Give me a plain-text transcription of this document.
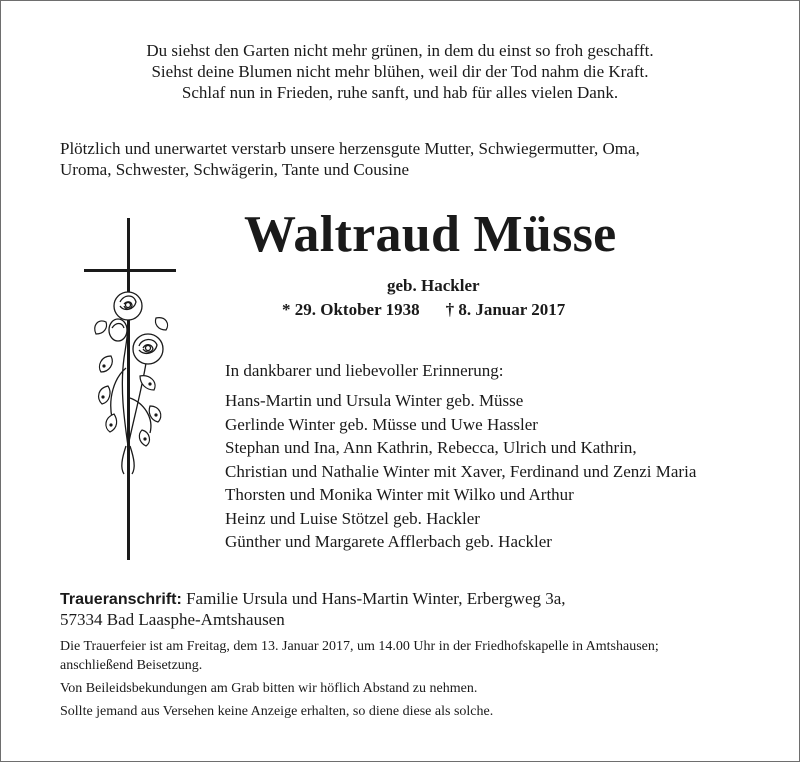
Du siehst den Garten nicht mehr grünen, in dem du einst so froh geschafft.
Siehst deine Blumen nicht mehr blühen, weil dir der Tod nahm die Kraft.
Schlaf nun in Frieden, ruhe sanft, und hab für alles vielen Dank.
Plötzlich und unerwartet verstarb unsere herzensgute Mutter, Schwiegermutter, Oma,
Uroma, Schwester, Schwägerin, Tante und Cousine
Waltraud Müsse
geb. Hackler
* 29. Oktober 1938 † 8. Januar 2017
In dankbarer und liebevoller Erinnerung:
Hans-Martin und Ursula Winter geb. Müsse
Gerlinde Winter geb. Müsse und Uwe Hassler
Stephan und Ina, Ann Kathrin, Rebecca, Ulrich und Kathrin,
Christian und Nathalie Winter mit Xaver, Ferdinand und Zenzi Maria
Thorsten und Monika Winter mit Wilko und Arthur
Heinz und Luise Stötzel geb. Hackler
Günther und Margarete Afflerbach geb. Hackler
Traueranschrift: Familie Ursula und Hans-Martin Winter, Erbergweg 3a,
57334 Bad Laasphe-Amtshausen
Die Trauerfeier ist am Freitag, dem 13. Januar 2017, um 14.00 Uhr in der Friedhofskapelle in Amtshausen;
anschließend Beisetzung.
Von Beileidsbekundungen am Grab bitten wir höflich Abstand zu nehmen.
Sollte jemand aus Versehen keine Anzeige erhalten, so diene diese als solche.
